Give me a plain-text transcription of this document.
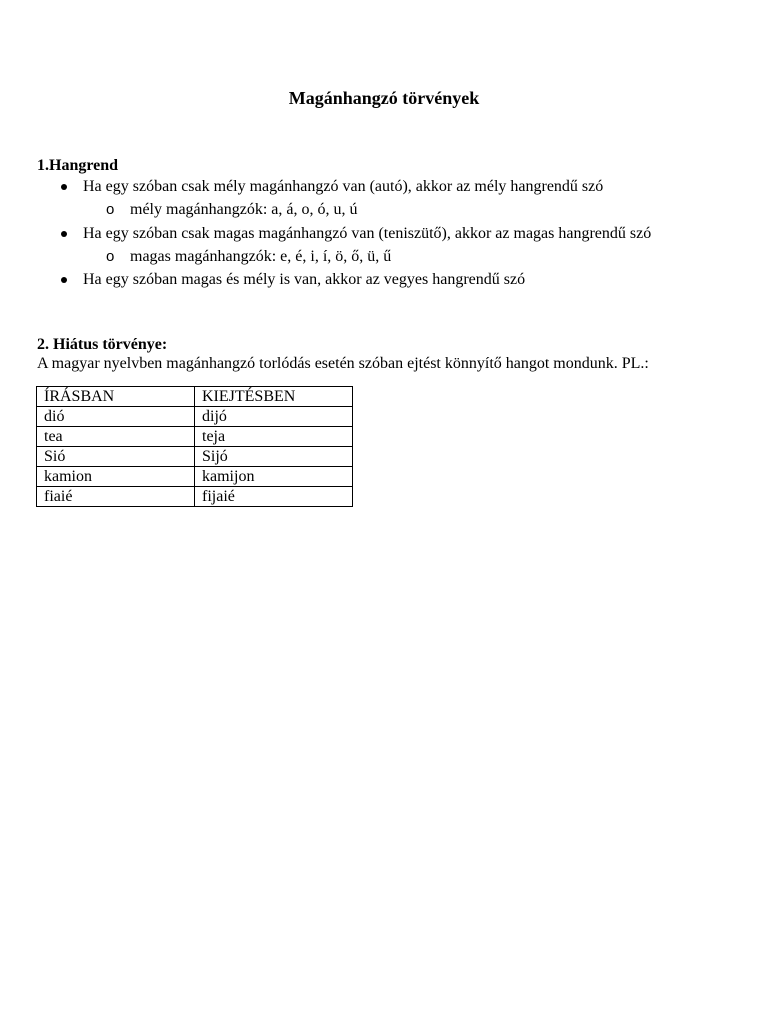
Magánhangzó törvények
1.Hangrend
Ha egy szóban csak mély magánhangzó van (autó), akkor az mély hangrendű szó
o mély magánhangzók: a, á, o, ó, u, ú
Ha egy szóban csak magas magánhangzó van (teniszütő), akkor az magas hangrendű szó
o magas magánhangzók: e, é, i, í, ö, ő, ü, ű
Ha egy szóban magas és mély is van, akkor az vegyes hangrendű szó
2. Hiátus törvénye:
A magyar nyelvben magánhangzó torlódás esetén szóban ejtést könnyítő hangot mondunk. PL.:
ÍRÁSBAN	KIEJTÉSBEN
dió	dijó
tea	teja
Sió	Sijó
kamion	kamijon
fiaié	fijaié
